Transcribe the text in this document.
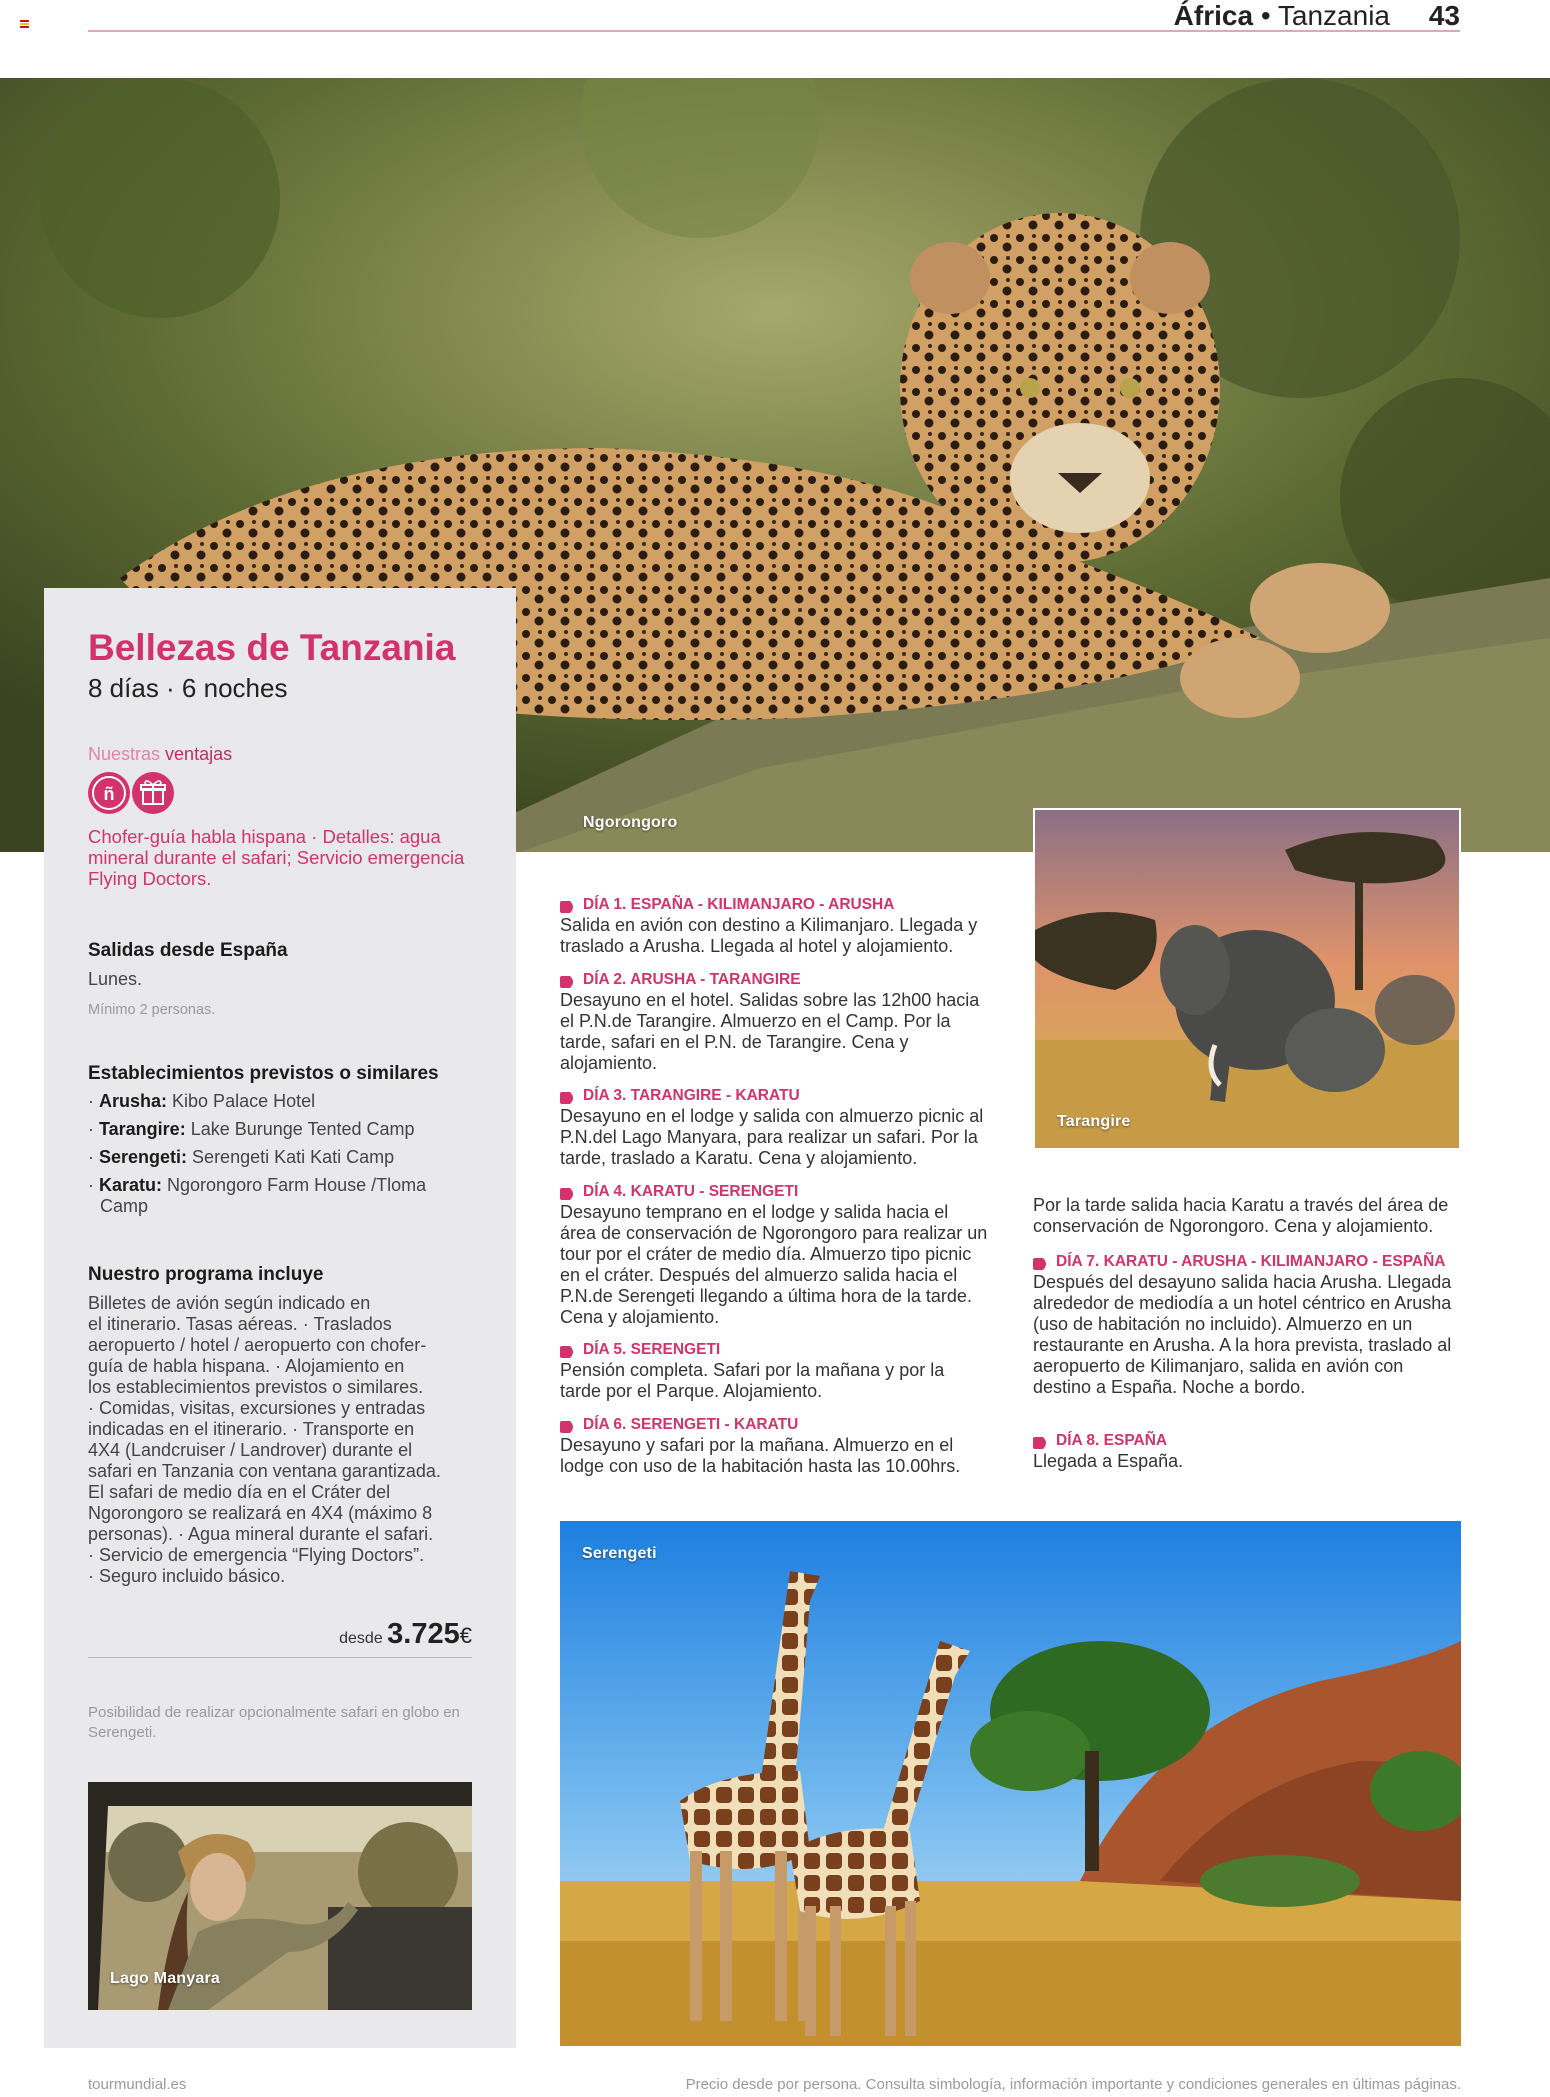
África • Tanzania 43
Ngorongoro
Bellezas de Tanzania
8 días · 6 noches
Nuestras ventajas
ñ
Chofer-guía habla hispana · Detalles: agua mineral durante el safari; Servicio emergencia Flying Doctors.
Salidas desde España
Lunes.
Mínimo 2 personas.
Establecimientos previstos o similares
· Arusha: Kibo Palace Hotel
· Tarangire: Lake Burunge Tented Camp
· Serengeti: Serengeti Kati Kati Camp
· Karatu: Ngorongoro Farm House /Tloma Camp
Nuestro programa incluye
Billetes de avión según indicado en
el itinerario. Tasas aéreas. · Traslados
aeropuerto / hotel / aeropuerto con chofer-
guía de habla hispana. · Alojamiento en
los establecimientos previstos o similares.
· Comidas, visitas, excursiones y entradas
indicadas en el itinerario. · Transporte en
4X4 (Landcruiser / Landrover) durante el
safari en Tanzania con ventana garantizada.
El safari de medio día en el Cráter del
Ngorongoro se realizará en 4X4 (máximo 8
personas). · Agua mineral durante el safari.
· Servicio de emergencia “Flying Doctors”.
· Seguro incluido básico.
desde 3.725€
Posibilidad de realizar opcionalmente safari en globo en Serengeti.
Lago Manyara
DÍA 1. ESPAÑA - KILIMANJARO - ARUSHA
Salida en avión con destino a Kilimanjaro. Llegada y traslado a Arusha. Llegada al hotel y alojamiento.
DÍA 2. ARUSHA - TARANGIRE
Desayuno en el hotel. Salidas sobre las 12h00 hacia el P.N.de Tarangire. Almuerzo en el Camp. Por la tarde, safari en el P.N. de Tarangire. Cena y alojamiento.
DÍA 3. TARANGIRE - KARATU
Desayuno en el lodge y salida con almuerzo picnic al P.N.del Lago Manyara, para realizar un safari. Por la tarde, traslado a Karatu. Cena y alojamiento.
DÍA 4. KARATU - SERENGETI
Desayuno temprano en el lodge y salida hacia el área de conservación de Ngorongoro para realizar un tour por el cráter de medio día. Almuerzo tipo picnic en el cráter. Después del almuerzo salida hacia el P.N.de Serengeti llegando a última hora de la tarde. Cena y alojamiento.
DÍA 5. SERENGETI
Pensión completa. Safari por la mañana y por la tarde por el Parque. Alojamiento.
DÍA 6. SERENGETI - KARATU
Desayuno y safari por la mañana. Almuerzo en el lodge con uso de la habitación hasta las 10.00hrs.
Tarangire
Por la tarde salida hacia Karatu a través del área de conservación de Ngorongoro. Cena y alojamiento.
DÍA 7. KARATU - ARUSHA - KILIMANJARO - ESPAÑA
Después del desayuno salida hacia Arusha. Llegada alrededor de mediodía a un hotel céntrico en Arusha (uso de habitación no incluido). Almuerzo en un restaurante en Arusha. A la hora prevista, traslado al aeropuerto de Kilimanjaro, salida en avión con destino a España. Noche a bordo.
DÍA 8. ESPAÑA
Llegada a España.
Serengeti
tourmundial.es	Precio desde por persona. Consulta simbología, información importante y condiciones generales en últimas páginas.
